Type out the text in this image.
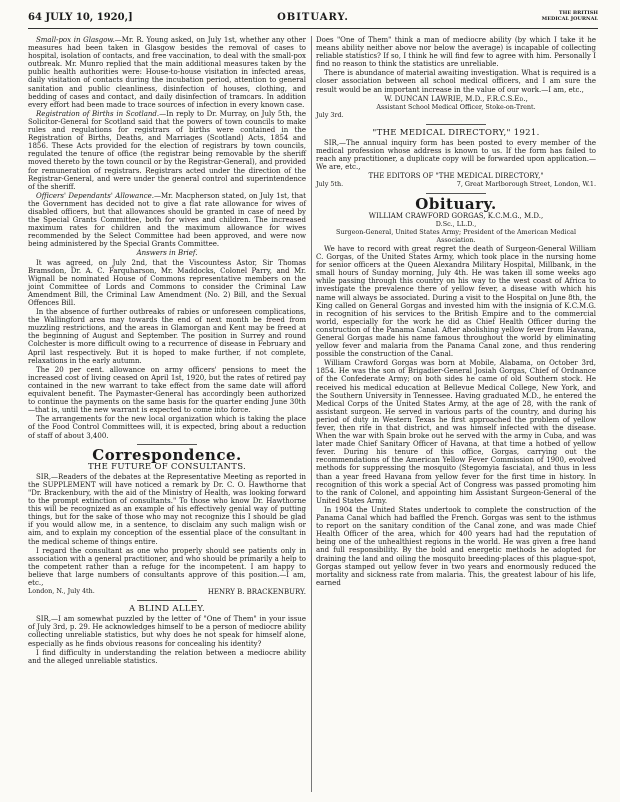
64 JULY 10, 1920,]	OBITUARY.	THE BRITISH
MEDICAL JOURNAL

Small-pox in Glasgow.—Mr. R. Young asked, on July 1st, whether any other measures had been taken in Glasgow besides the removal of cases to hospital, isolation of contacts, and free vaccination, to deal with the small-pox outbreak. Mr. Munro replied that the main additional measures taken by the public health authorities were: House-to-house visitation in infected areas, daily visitation of contacts during the incubation period, attention to general sanitation and public cleanliness, disinfection of houses, clothing, and bedding of cases and contact, and daily disinfection of tramcars. In addition every effort had been made to trace sources of infection in every known case.

Registration of Births in Scotland.—In reply to Dr. Murray, on July 5th, the Solicitor-General for Scotland said that the powers of town councils to make rules and regulations for registrars of births were contained in the Registration of Births, Deaths, and Marriages (Scotland) Acts, 1854 and 1856. These Acts provided for the election of registrars by town councils, regulated the tenure of office (the registrar being removable by the sheriff moved thereto by the town council or by the Registrar-General), and provided for remuneration of registrars. Registrars acted under the direction of the Registrar-General, and were under the general control and superintendence of the sheriff.

Officers' Dependants' Allowance.—Mr. Macpherson stated, on July 1st, that the Government has decided not to give a flat rate allowance for wives of disabled officers, but that allowances should be granted in case of need by the Special Grants Committee, both for wives and children. The increased maximum rates for children and the maximum allowance for wives recommended by the Select Committee had been approved, and were now being administered by the Special Grants Committee.

Answers in Brief.

It was agreed, on July 2nd, that the Viscountess Astor, Sir Thomas Bramsdon, Dr. A. C. Farquharson, Mr. Maddocks, Colonel Parry, and Mr. Wignall be nominated House of Commons representative members on the joint Committee of Lords and Commons to consider the Criminal Law Amendment Bill, the Criminal Law Amendment (No. 2) Bill, and the Sexual Offences Bill.

In the absence of further outbreaks of rabies or unforeseen complications, the Wallingford area may towards the end of next month be freed from muzzling restrictions, and the areas in Glamorgan and Kent may be freed at the beginning of August and September. The position in Surrey and round Colchester is more difficult owing to a recurrence of disease in February and April last respectively. But it is hoped to make further, if not complete, relaxations in the early autumn.

The 20 per cent. allowance on army officers' pensions to meet the increased cost of living ceased on April 1st, 1920, but the rates of retired pay contained in the new warrant to take effect from the same date will afford equivalent benefit. The Paymaster-General has accordingly been authorized to continue the payments on the same basis for the quarter ending June 30th—that is, until the new warrant is expected to come into force.

The arrangements for the new local organization which is taking the place of the Food Control Committees will, it is expected, bring about a reduction of staff of about 3,400.

Correspondence.
THE FUTURE OF CONSULTANTS.

SIR,—Readers of the debates at the Representative Meeting as reported in the SUPPLEMENT will have noticed a remark by Dr. C. O. Hawthorne that "Dr. Brackenbury, with the aid of the Ministry of Health, was looking forward to the prompt extinction of consultants." To those who know Dr. Hawthorne this will be recognized as an example of his effectively genial way of putting things, but for the sake of those who may not recognize this I should be glad if you would allow me, in a sentence, to disclaim any such malign wish or aim, and to explain my conception of the essential place of the consultant in the medical scheme of things entire.

I regard the consultant as one who properly should see patients only in association with a general practitioner, and who should be primarily a help to the competent rather than a refuge for the incompetent. I am happy to believe that large numbers of consultants approve of this position.—I am, etc.,

London, N., July 4th.	HENRY B. BRACKENBURY.
A BLIND ALLEY.

SIR,—I am somewhat puzzled by the letter of "One of Them" in your issue of July 3rd, p. 29. He acknowledges himself to be a person of mediocre ability collecting unreliable statistics, but why does he not speak for himself alone, especially as he finds obvious reasons for concealing his identity?

I find difficulty in understanding the relation between a mediocre ability and the alleged unreliable statistics.

Does "One of Them" think a man of mediocre ability (by which I take it he means ability neither above nor below the average) is incapable of collecting reliable statistics? If so, I think he will find few to agree with him. Personally I find no reason to think the statistics are unreliable.

There is abundance of material awaiting investigation. What is required is a closer association between all school medical officers, and I am sure the result would be an important increase in the value of our work.—I am, etc.,

W. DUNCAN LAWRIE, M.D., F.R.C.S.Ed.,

Assistant School Medical Officer, Stoke-on-Trent.

July 3rd.

"THE MEDICAL DIRECTORY," 1921.

SIR,—The annual inquiry form has been posted to every member of the medical profession whose address is known to us. If the form has failed to reach any practitioner, a duplicate copy will be forwarded upon application.—We are, etc.,

THE EDITORS OF "THE MEDICAL DIRECTORY,"

July 5th.	7, Great Marlborough Street, London, W.1.
Obituary.

WILLIAM CRAWFORD GORGAS, K.C.M.G., M.D.,

D.Sc., LL.D.,

Surgeon-General, United States Army; President of the American Medical Association.

We have to record with great regret the death of Surgeon-General William C. Gorgas, of the United States Army, which took place in the nursing home for senior officers at the Queen Alexandra Military Hospital, Millbank, in the small hours of Sunday morning, July 4th. He was taken ill some weeks ago while passing through this country on his way to the west coast of Africa to investigate the prevalence there of yellow fever, a disease with which his name will always be associated. During a visit to the Hospital on June 8th, the King called on General Gorgas and invested him with the insignia of K.C.M.G. in recognition of his services to the British Empire and to the commercial world, especially for the work he did as Chief Health Officer during the construction of the Panama Canal. After abolishing yellow fever from Havana, General Gorgas made his name famous throughout the world by eliminating yellow fever and malaria from the Panama Canal zone, and thus rendering possible the construction of the Canal.

William Crawford Gorgas was born at Mobile, Alabama, on October 3rd, 1854. He was the son of Brigadier-General Josiah Gorgas, Chief of Ordnance of the Confederate Army; on both sides he came of old Southern stock. He received his medical education at Bellevue Medical College, New York, and the Southern University in Tennessee. Having graduated M.D., he entered the Medical Corps of the United States Army, at the age of 28, with the rank of assistant surgeon. He served in various parts of the country, and during his period of duty in Western Texas he first approached the problem of yellow fever, then rife in that district, and was himself infected with the disease. When the war with Spain broke out he served with the army in Cuba, and was later made Chief Sanitary Officer of Havana, at that time a hotbed of yellow fever. During his tenure of this office, Gorgas, carrying out the recommendations of the American Yellow Fever Commission of 1900, evolved methods for suppressing the mosquito (Stegomyia fasciata), and thus in less than a year freed Havana from yellow fever for the first time in history. In recognition of this work a special Act of Congress was passed promoting him to the rank of Colonel, and appointing him Assistant Surgeon-General of the United States Army.

In 1904 the United States undertook to complete the construction of the Panama Canal which had baffled the French. Gorgas was sent to the isthmus to report on the sanitary condition of the Canal zone, and was made Chief Health Officer of the area, which for 400 years had had the reputation of being one of the unhealthiest regions in the world. He was given a free hand and full responsibility. By the bold and energetic methods he adopted for draining the land and oiling the mosquito breeding-places of this plague-spot, Gorgas stamped out yellow fever in two years and enormously reduced the mortality and sickness rate from malaria. This, the greatest labour of his life, earned
